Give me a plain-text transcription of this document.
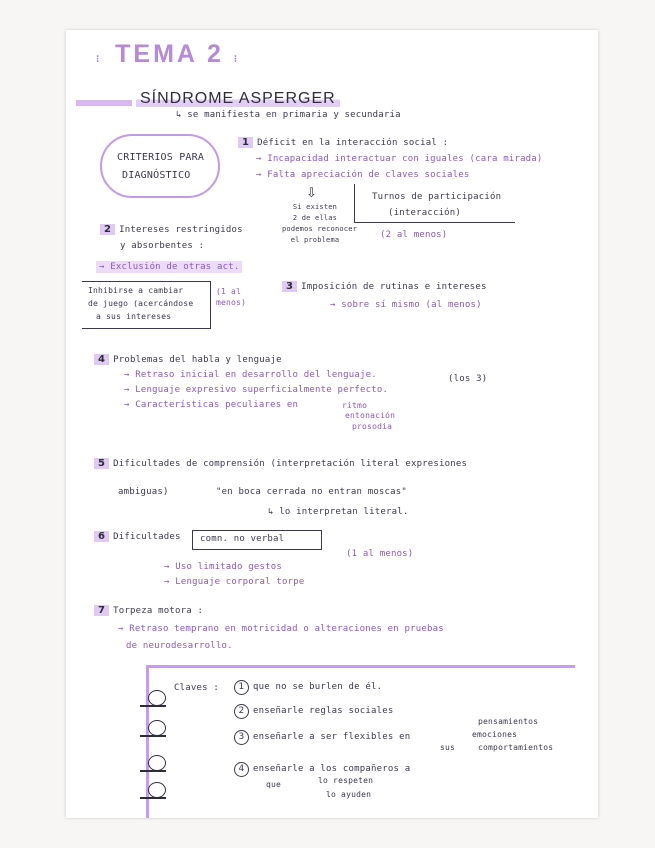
⁝ TEMA 2 ⁝
SÍNDROME ASPERGER
↳ se manifiesta en primaria y secundaria
CRITERIOS PARA
DIAGNÓSTICO
1 Déficit en la interacción social :
→ Incapacidad interactuar con iguales (cara mirada)
→ Falta apreciación de claves sociales
⇩
Si existen
2 de ellas
podemos reconocer
el problema
Turnos de participación
(interacción)
(2 al menos)
2 Intereses restringidos
y absorbentes :
→ Exclusión de otras act.
Inhibirse a cambiar
de juego (acercándose
a sus intereses
(1 al
menos)
3 Imposición de rutinas e intereses
→ sobre sí mismo (al menos)
4 Problemas del habla y lenguaje
→ Retraso inicial en desarrollo del lenguaje.
→ Lenguaje expresivo superficialmente perfecto.
→ Características peculiares en
(los 3)
ritmo
entonación
prosodia
5 Dificultades de comprensión (interpretación literal expresiones
ambiguas)	"en boca cerrada no entran moscas"
↳ lo interpretan literal.
6 Dificultades comn. no verbal
(1 al menos)
→ Uso limitado gestos
→ Lenguaje corporal torpe
7 Torpeza motora :
→ Retraso temprano en motricidad o alteraciones en pruebas
de neurodesarrollo.
Claves :	1 que no se burlen de él.
2 enseñarle reglas sociales
3 enseñarle a ser flexibles en
sus
pensamientos
emociones
comportamientos
4 enseñarle a los compañeros a
que	lo respeten
lo ayuden
